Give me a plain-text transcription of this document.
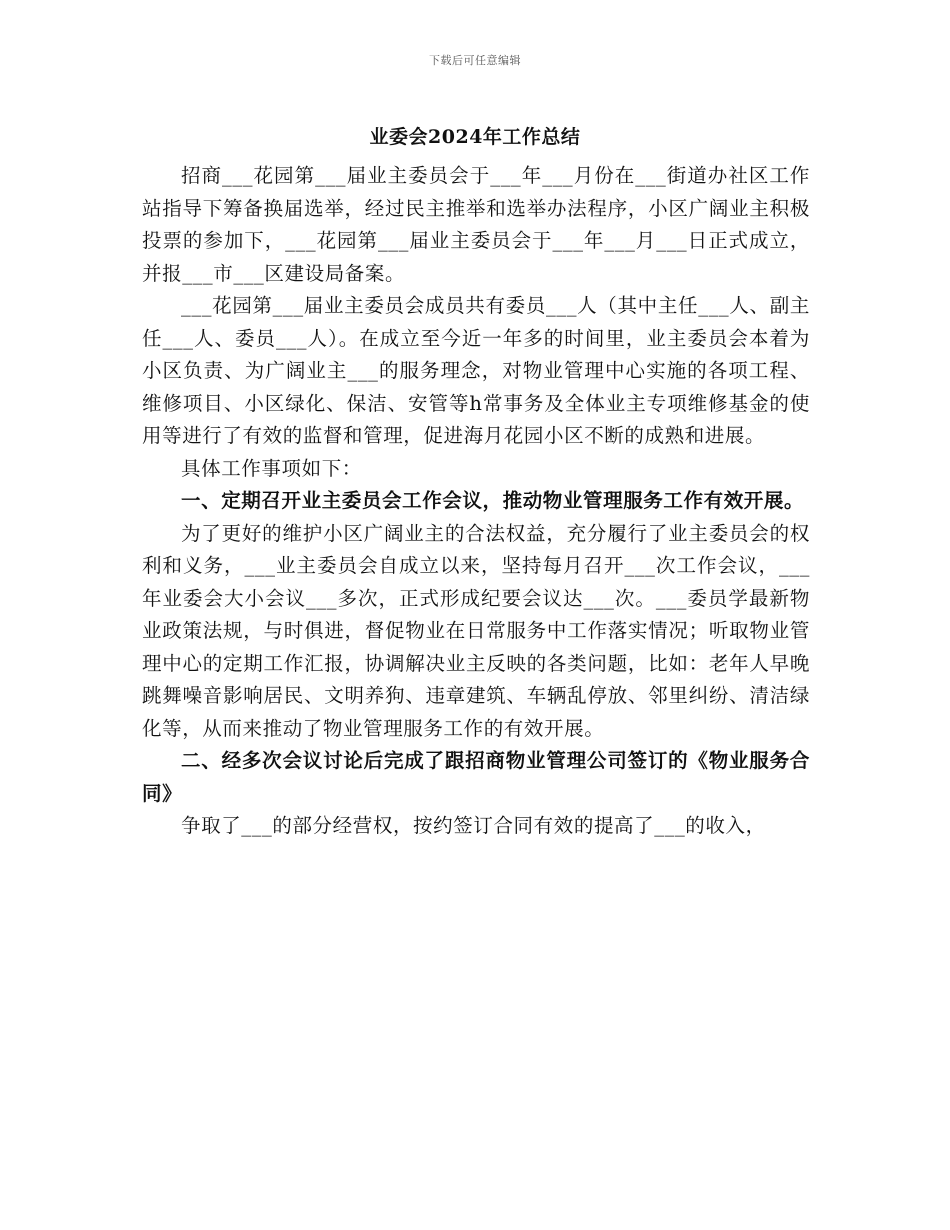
下载后可任意编辑
业委会2024年工作总结

招商___花园第___届业主委员会于___年___月份在___街道办社区工作站指导下筹备换届选举，经过民主推举和选举办法程序，小区广阔业主积极投票的参加下，___花园第___届业主委员会于___年___月___日正式成立，并报___市___区建设局备案。

___花园第___届业主委员会成员共有委员___人（其中主任___人、副主任___人、委员___人）。在成立至今近一年多的时间里，业主委员会本着为小区负责、为广阔业主___的服务理念，对物业管理中心实施的各项工程、维修项目、小区绿化、保洁、安管等h常事务及全体业主专项维修基金的使用等进行了有效的监督和管理，促进海月花园小区不断的成熟和进展。

具体工作事项如下：

一、定期召开业主委员会工作会议，推动物业管理服务工作有效开展。

为了更好的维护小区广阔业主的合法权益，充分履行了业主委员会的权利和义务，___业主委员会自成立以来，坚持每月召开___次工作会议，___年业委会大小会议___多次，正式形成纪要会议达___次。___委员学最新物业政策法规，与时俱进，督促物业在日常服务中工作落实情况；听取物业管理中心的定期工作汇报，协调解决业主反映的各类问题，比如：老年人早晚跳舞噪音影响居民、文明养狗、违章建筑、车辆乱停放、邻里纠纷、清洁绿化等，从而来推动了物业管理服务工作的有效开展。

二、经多次会议讨论后完成了跟招商物业管理公司签订的《物业服务合同》

争取了___的部分经营权，按约签订合同有效的提高了___的收入，
